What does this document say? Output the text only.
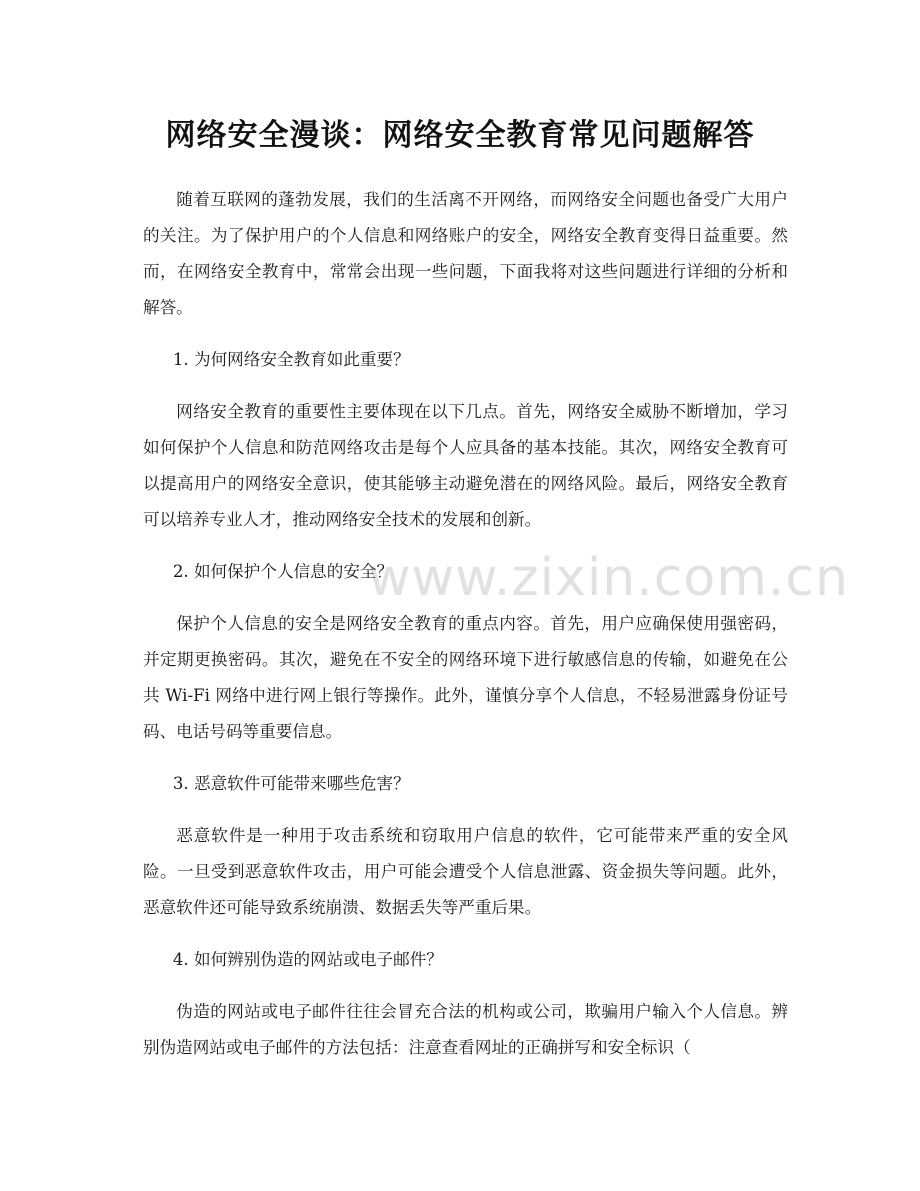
网络安全漫谈：网络安全教育常见问题解答

随着互联网的蓬勃发展，我们的生活离不开网络，而网络安全问题也备受广大用户的关注。为了保护用户的个人信息和网络账户的安全，网络安全教育变得日益重要。然而，在网络安全教育中，常常会出现一些问题，下面我将对这些问题进行详细的分析和解答。

1. 为何网络安全教育如此重要？

网络安全教育的重要性主要体现在以下几点。首先，网络安全威胁不断增加，学习如何保护个人信息和防范网络攻击是每个人应具备的基本技能。其次，网络安全教育可以提高用户的网络安全意识，使其能够主动避免潜在的网络风险。最后，网络安全教育可以培养专业人才，推动网络安全技术的发展和创新。

2. 如何保护个人信息的安全？

保护个人信息的安全是网络安全教育的重点内容。首先，用户应确保使用强密码，并定期更换密码。其次，避免在不安全的网络环境下进行敏感信息的传输，如避免在公共 Wi-Fi 网络中进行网上银行等操作。此外，谨慎分享个人信息，不轻易泄露身份证号码、电话号码等重要信息。

3. 恶意软件可能带来哪些危害？

恶意软件是一种用于攻击系统和窃取用户信息的软件，它可能带来严重的安全风险。一旦受到恶意软件攻击，用户可能会遭受个人信息泄露、资金损失等问题。此外，恶意软件还可能导致系统崩溃、数据丢失等严重后果。

4. 如何辨别伪造的网站或电子邮件？

伪造的网站或电子邮件往往会冒充合法的机构或公司，欺骗用户输入个人信息。辨别伪造网站或电子邮件的方法包括：注意查看网址的正确拼写和安全标识（

www.zixin.com.cn
